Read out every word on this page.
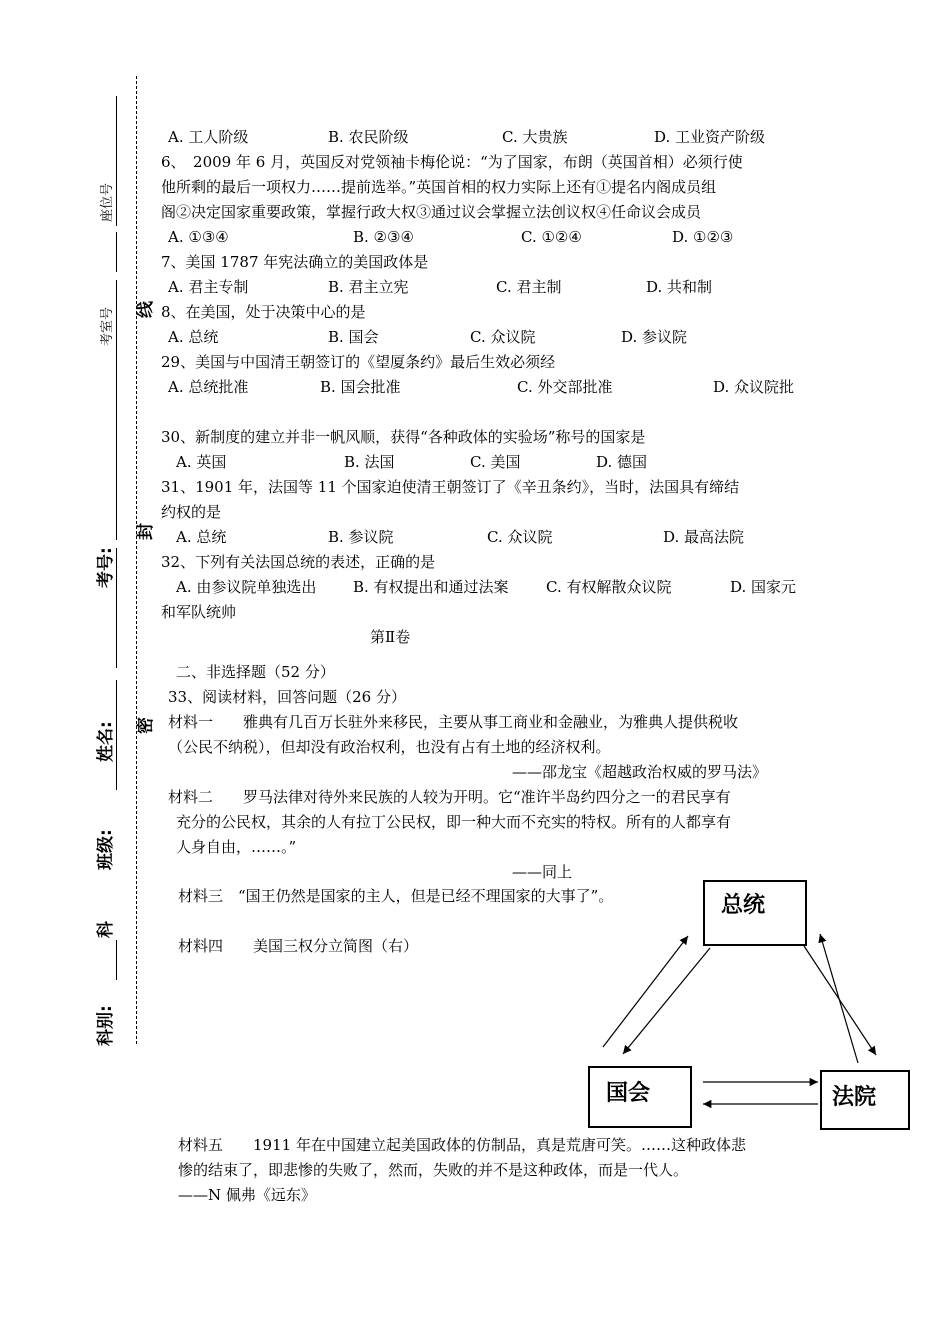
座位号
考室号 线
封
密
考号:
姓名:
班级:
科
科别:
A. 工人阶级	B. 农民阶级	C. 大贵族	D. 工业资产阶级
6、　2009 年 6 月，英国反对党领袖卡梅伦说：“为了国家，布朗（英国首相）必须行使
他所剩的最后一项权力……提前选举。”英国首相的权力实际上还有①提名内阁成员组
阁②决定国家重要政策，掌握行政大权③通过议会掌握立法创议权④任命议会成员
A. ①③④	B. ②③④	C. ①②④	D. ①②③
7、美国 1787 年宪法确立的美国政体是
A. 君主专制	B. 君主立宪	C. 君主制	D. 共和制
8、在美国，处于决策中心的是
A. 总统	B. 国会	C. 众议院	D. 参议院
29、美国与中国清王朝签订的《望厦条约》最后生效必须经
A. 总统批准	B. 国会批准	C. 外交部批准	D. 众议院批
30、新制度的建立并非一帆风顺，获得“各种政体的实验场”称号的国家是
A. 英国	B. 法国	C. 美国	D. 德国
31、1901 年，法国等 11 个国家迫使清王朝签订了《辛丑条约》，当时，法国具有缔结
约权的是
A. 总统	B. 参议院	C. 众议院	D. 最高法院
32、下列有关法国总统的表述，正确的是
A. 由参议院单独选出 B. 有权提出和通过法案 C. 有权解散众议院	D. 国家元
和军队统帅
第Ⅱ卷
二、非选择题（52 分）
33、阅读材料，回答问题（26 分）
材料一　　雅典有几百万长驻外来移民，主要从事工商业和金融业，为雅典人提供税收
（公民不纳税），但却没有政治权利，也没有占有土地的经济权利。
——邵龙宝《超越政治权威的罗马法》
材料二　　罗马法律对待外来民族的人较为开明。它“准许半岛约四分之一的君民享有
充分的公民权，其余的人有拉丁公民权，即一种大而不充实的特权。所有的人都享有
人身自由，……。”
——同上
材料三　“国王仍然是国家的主人，但是已经不理国家的大事了”。
材料四　　美国三权分立简图（右）
材料五　　1911 年在中国建立起美国政体的仿制品，真是荒唐可笑。……这种政体悲
惨的结束了，即悲惨的失败了，然而，失败的并不是这种政体，而是一代人。
——N 佩弗《远东》
总统
国会	法院
